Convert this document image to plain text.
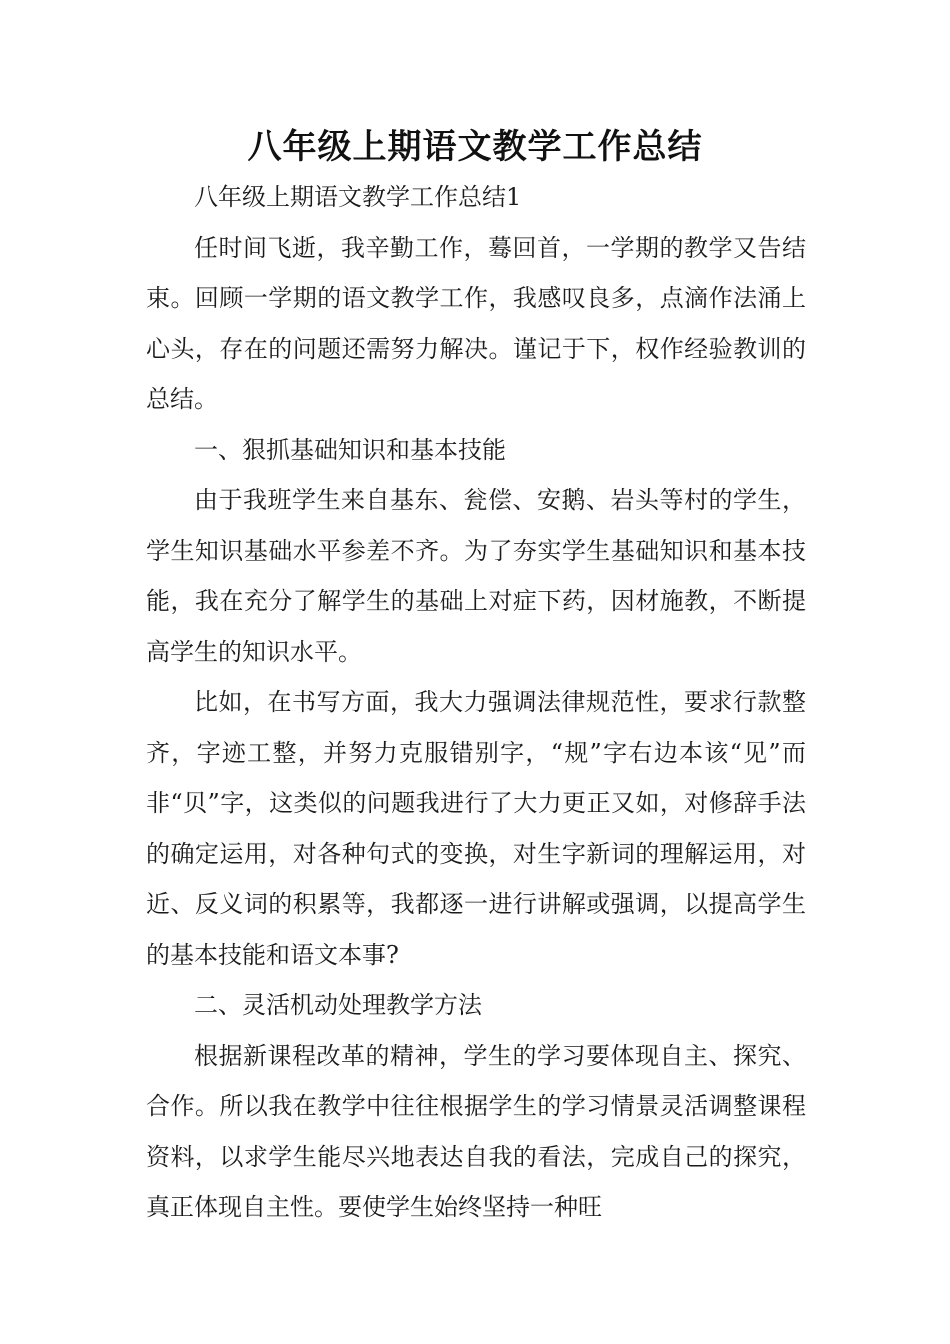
八年级上期语文教学工作总结

八年级上期语文教学工作总结1

任时间飞逝，我辛勤工作，蓦回首，一学期的教学又告结束。回顾一学期的语文教学工作，我感叹良多，点滴作法涌上心头，存在的问题还需努力解决。谨记于下，权作经验教训的总结。

一、狠抓基础知识和基本技能

由于我班学生来自基东、瓮偿、安鹅、岩头等村的学生，学生知识基础水平参差不齐。为了夯实学生基础知识和基本技能，我在充分了解学生的基础上对症下药，因材施教，不断提高学生的知识水平。

比如，在书写方面，我大力强调法律规范性，要求行款整齐，字迹工整，并努力克服错别字，“规”字右边本该“见”而非“贝”字，这类似的问题我进行了大力更正又如，对修辞手法的确定运用，对各种句式的变换，对生字新词的理解运用，对近、反义词的积累等，我都逐一进行讲解或强调，以提高学生的基本技能和语文本事?

二、灵活机动处理教学方法

根据新课程改革的精神，学生的学习要体现自主、探究、合作。所以我在教学中往往根据学生的学习情景灵活调整课程资料，以求学生能尽兴地表达自我的看法，完成自己的探究，真正体现自主性。要使学生始终坚持一种旺
